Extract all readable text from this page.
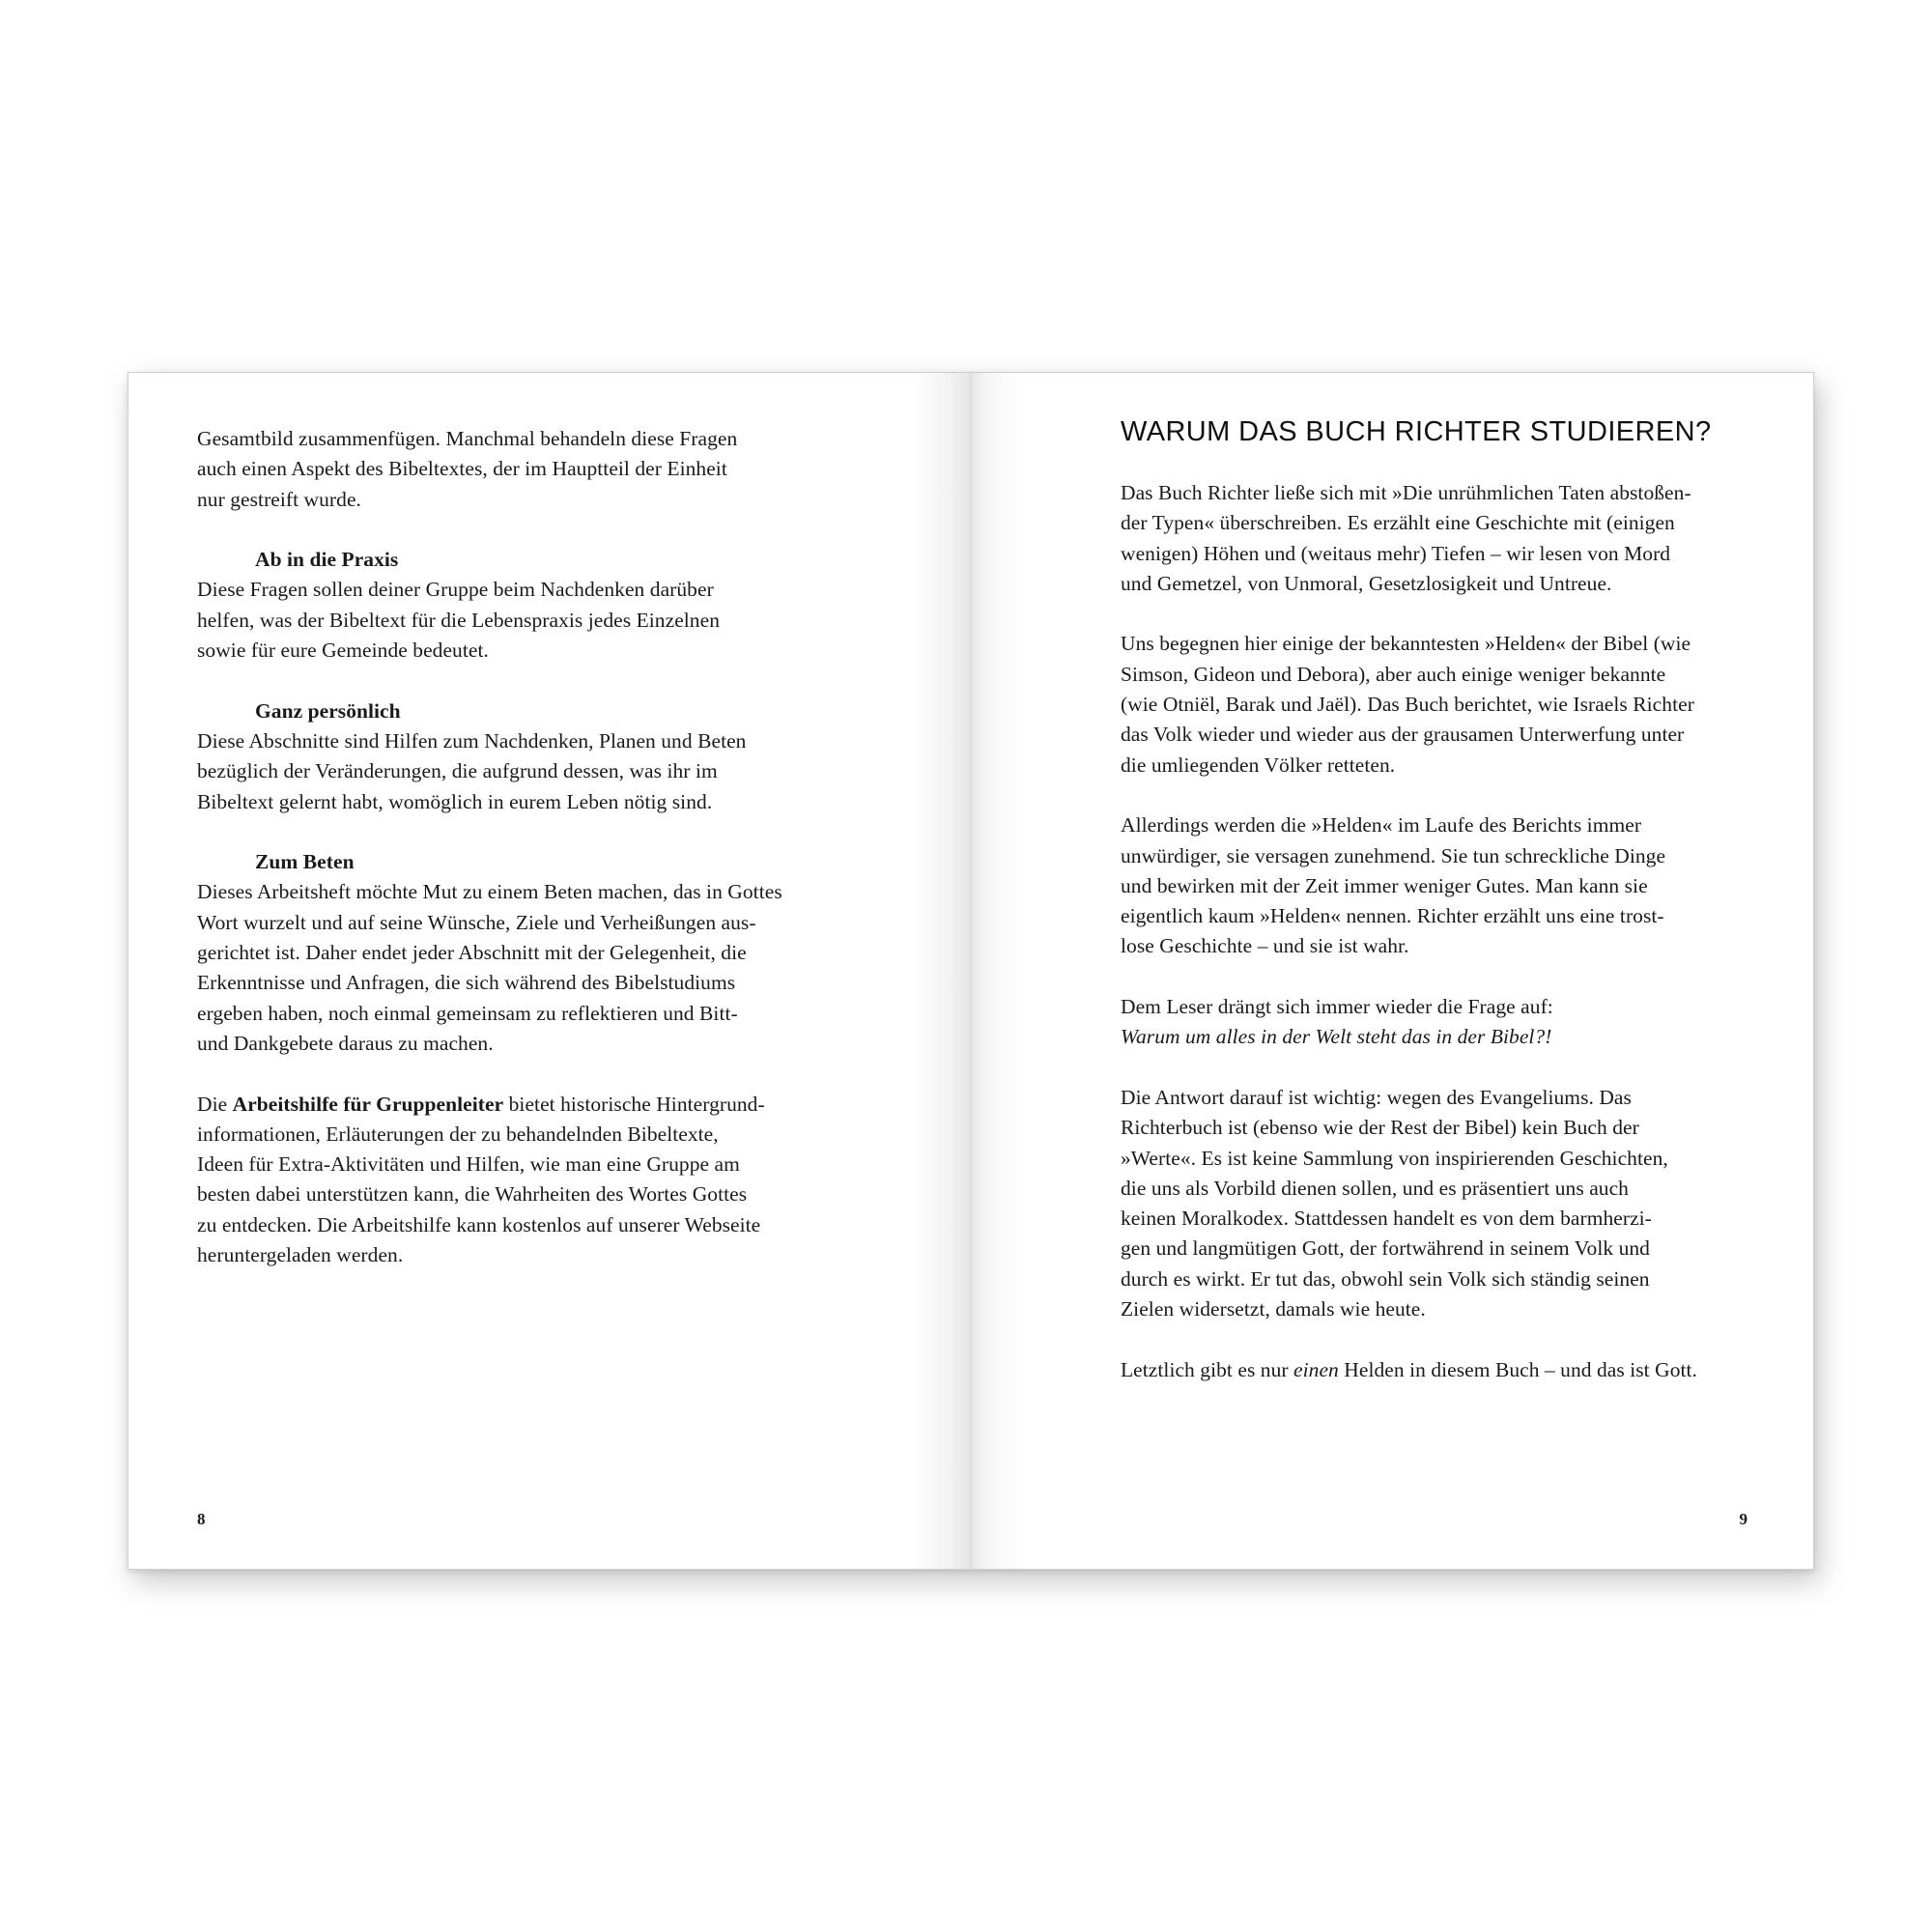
Gesamtbild zusammenfügen. Manchmal behandeln diese Fragen
auch einen Aspekt des Bibeltextes, der im Hauptteil der Einheit
nur gestreift wurde.
Ab in die Praxis
Diese Fragen sollen deiner Gruppe beim Nachdenken darüber
helfen, was der Bibeltext für die Lebenspraxis jedes Einzelnen
sowie für eure Gemeinde bedeutet.
Ganz persönlich
Diese Abschnitte sind Hilfen zum Nachdenken, Planen und Beten
bezüglich der Veränderungen, die aufgrund dessen, was ihr im
Bibeltext gelernt habt, womöglich in eurem Leben nötig sind.
Zum Beten
Dieses Arbeitsheft möchte Mut zu einem Beten machen, das in Gottes
Wort wurzelt und auf seine Wünsche, Ziele und Verheißungen aus-
gerichtet ist. Daher endet jeder Abschnitt mit der Gelegenheit, die
Erkenntnisse und Anfragen, die sich während des Bibelstudiums
ergeben haben, noch einmal gemeinsam zu reflektieren und Bitt-
und Dankgebete daraus zu machen.
Die Arbeitshilfe für Gruppenleiter bietet historische Hintergrund-
informationen, Erläuterungen der zu behandelnden Bibeltexte,
Ideen für Extra-Aktivitäten und Hilfen, wie man eine Gruppe am
besten dabei unterstützen kann, die Wahrheiten des Wortes Gottes
zu entdecken. Die Arbeitshilfe kann kostenlos auf unserer Webseite
heruntergeladen werden.
8
WARUM DAS BUCH RICHTER STUDIEREN?
Das Buch Richter ließe sich mit »Die unrühmlichen Taten abstoßen-
der Typen« überschreiben. Es erzählt eine Geschichte mit (einigen
wenigen) Höhen und (weitaus mehr) Tiefen – wir lesen von Mord
und Gemetzel, von Unmoral, Gesetzlosigkeit und Untreue.
Uns begegnen hier einige der bekanntesten »Helden« der Bibel (wie
Simson, Gideon und Debora), aber auch einige weniger bekannte
(wie Otniël, Barak und Jaël). Das Buch berichtet, wie Israels Richter
das Volk wieder und wieder aus der grausamen Unterwerfung unter
die umliegenden Völker retteten.
Allerdings werden die »Helden« im Laufe des Berichts immer
unwürdiger, sie versagen zunehmend. Sie tun schreckliche Dinge
und bewirken mit der Zeit immer weniger Gutes. Man kann sie
eigentlich kaum »Helden« nennen. Richter erzählt uns eine trost-
lose Geschichte – und sie ist wahr.
Dem Leser drängt sich immer wieder die Frage auf:
Warum um alles in der Welt steht das in der Bibel?!
Die Antwort darauf ist wichtig: wegen des Evangeliums. Das
Richterbuch ist (ebenso wie der Rest der Bibel) kein Buch der
»Werte«. Es ist keine Sammlung von inspirierenden Geschichten,
die uns als Vorbild dienen sollen, und es präsentiert uns auch
keinen Moralkodex. Stattdessen handelt es von dem barmherzi-
gen und langmütigen Gott, der fortwährend in seinem Volk und
durch es wirkt. Er tut das, obwohl sein Volk sich ständig seinen
Zielen widersetzt, damals wie heute.
Letztlich gibt es nur einen Helden in diesem Buch – und das ist Gott.
9
